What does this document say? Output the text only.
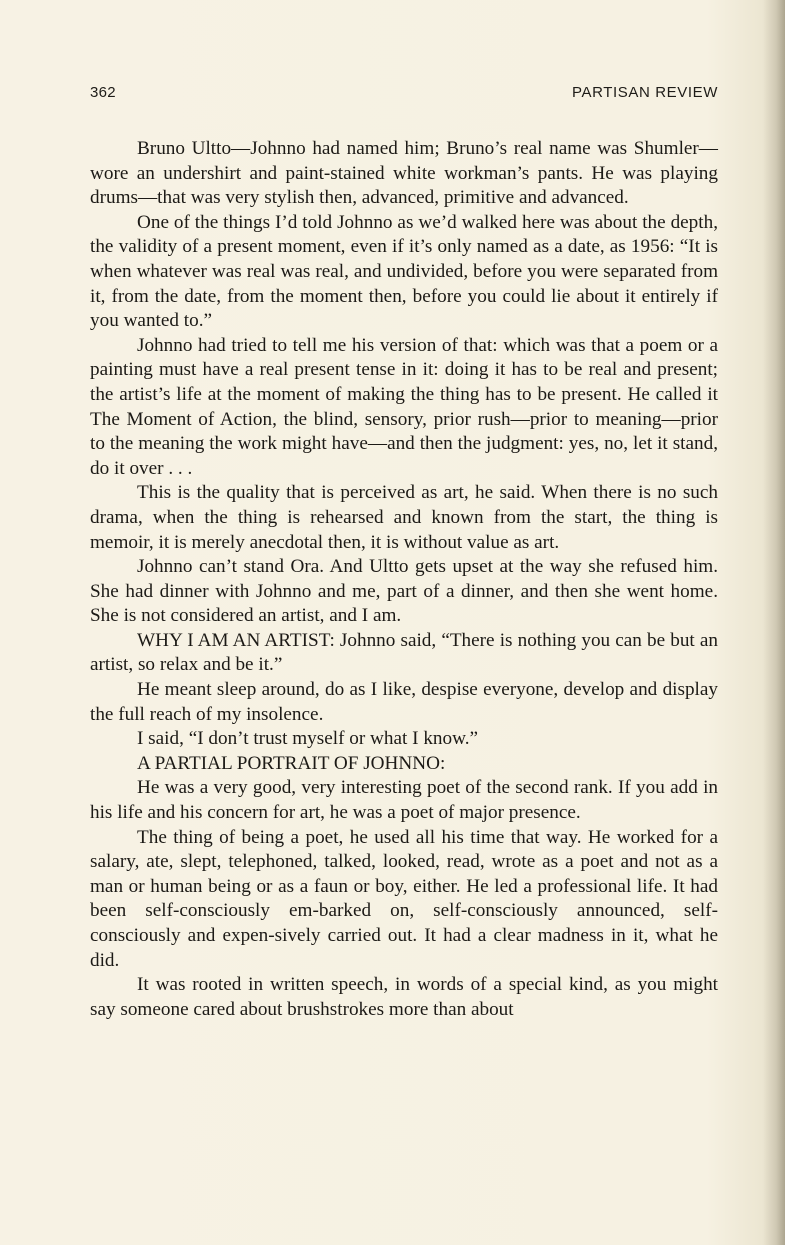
362	PARTISAN REVIEW

Bruno Ultto—Johnno had named him; Bruno’s real name was Shumler—wore an undershirt and paint-stained white workman’s pants. He was playing drums—that was very stylish then, advanced, primitive and advanced.

One of the things I’d told Johnno as we’d walked here was about the depth, the validity of a present moment, even if it’s only named as a date, as 1956: “It is when whatever was real was real, and undivided, before you were separated from it, from the date, from the moment then, before you could lie about it entirely if you wanted to.”

Johnno had tried to tell me his version of that: which was that a poem or a painting must have a real present tense in it: doing it has to be real and present; the artist’s life at the moment of making the thing has to be present. He called it The Moment of Action, the blind, sensory, prior rush—prior to meaning—prior to the meaning the work might have—and then the judgment: yes, no, let it stand, do it over . . .

This is the quality that is perceived as art, he said. When there is no such drama, when the thing is rehearsed and known from the start, the thing is memoir, it is merely anecdotal then, it is without value as art.

Johnno can’t stand Ora. And Ultto gets upset at the way she refused him. She had dinner with Johnno and me, part of a dinner, and then she went home. She is not considered an artist, and I am.

WHY I AM AN ARTIST: Johnno said, “There is nothing you can be but an artist, so relax and be it.”

He meant sleep around, do as I like, despise everyone, develop and display the full reach of my insolence.

I said, “I don’t trust myself or what I know.”

A PARTIAL PORTRAIT OF JOHNNO:

He was a very good, very interesting poet of the second rank. If you add in his life and his concern for art, he was a poet of major presence.

The thing of being a poet, he used all his time that way. He worked for a salary, ate, slept, telephoned, talked, looked, read, wrote as a poet and not as a man or human being or as a faun or boy, either. He led a professional life. It had been self-consciously em-barked on, self-consciously announced, self-consciously and expen-sively carried out. It had a clear madness in it, what he did.

It was rooted in written speech, in words of a special kind, as you might say someone cared about brushstrokes more than about
